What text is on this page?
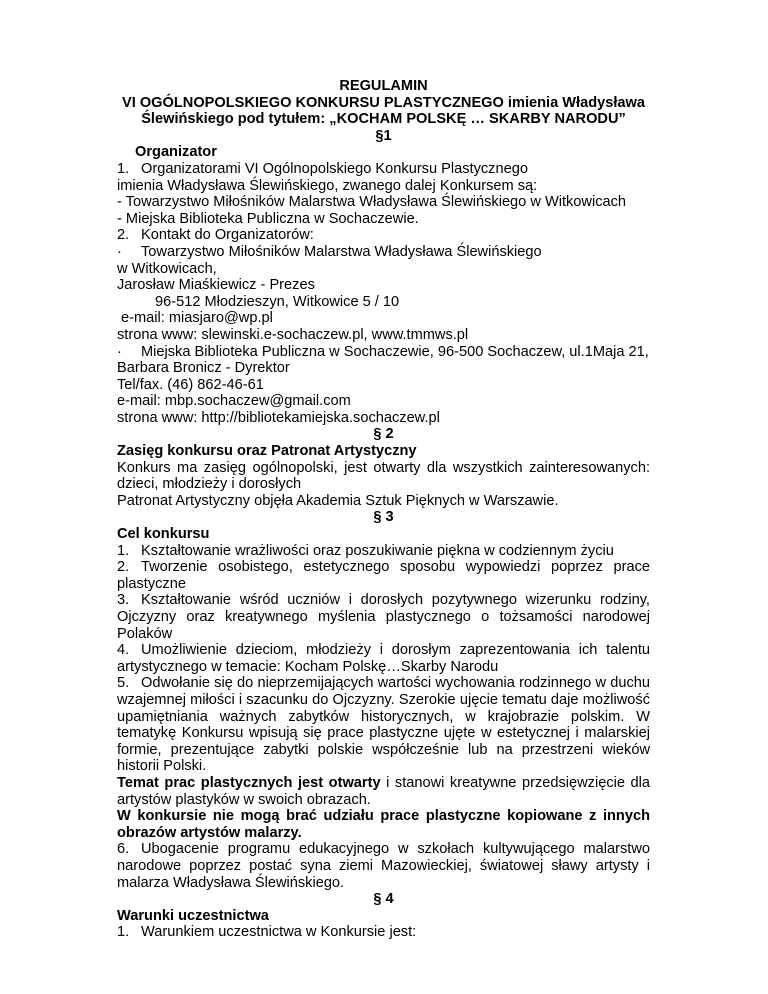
REGULAMIN
VI OGÓLNOPOLSKIEGO KONKURSU PLASTYCZNEGO imienia Władysława
Ślewińskiego pod tytułem: „KOCHAM POLSKĘ … SKARBY NARODU”
§1
Organizator
1. Organizatorami VI Ogólnopolskiego Konkursu Plastycznego
imienia Władysława Ślewińskiego, zwanego dalej Konkursem są:
- Towarzystwo Miłośników Malarstwa Władysława Ślewińskiego w Witkowicach
- Miejska Biblioteka Publiczna w Sochaczewie.
2. Kontakt do Organizatorów:
· Towarzystwo Miłośników Malarstwa Władysława Ślewińskiego
w Witkowicach,
Jarosław Miaśkiewicz - Prezes
96-512 Młodzieszyn, Witkowice 5 / 10
e-mail: miasjaro@wp.pl
strona www: slewinski.e-sochaczew.pl, www.tmmws.pl
· Miejska Biblioteka Publiczna w Sochaczewie, 96-500 Sochaczew, ul.1Maja 21,
Barbara Bronicz - Dyrektor
Tel/fax. (46) 862-46-61
e-mail: mbp.sochaczew@gmail.com
strona www: http://bibliotekamiejska.sochaczew.pl
§ 2
Zasięg konkursu oraz Patronat Artystyczny
Konkurs ma zasięg ogólnopolski, jest otwarty dla wszystkich zainteresowanych: dzieci, młodzieży i dorosłych
Patronat Artystyczny objęła Akademia Sztuk Pięknych w Warszawie.
§ 3
Cel konkursu
1. Kształtowanie wrażliwości oraz poszukiwanie piękna w codziennym życiu
2. Tworzenie osobistego, estetycznego sposobu wypowiedzi poprzez prace plastyczne
3. Kształtowanie wśród uczniów i dorosłych pozytywnego wizerunku rodziny, Ojczyzny oraz kreatywnego myślenia plastycznego o tożsamości narodowej Polaków
4. Umożliwienie dzieciom, młodzieży i dorosłym zaprezentowania ich talentu artystycznego w temacie: Kocham Polskę…Skarby Narodu
5. Odwołanie się do nieprzemijających wartości wychowania rodzinnego w duchu wzajemnej miłości i szacunku do Ojczyzny. Szerokie ujęcie tematu daje możliwość upamiętniania ważnych zabytków historycznych, w krajobrazie polskim. W tematykę Konkursu wpisują się prace plastyczne ujęte w estetycznej i malarskiej formie, prezentujące zabytki polskie współcześnie lub na przestrzeni wieków historii Polski.
Temat prac plastycznych jest otwarty i stanowi kreatywne przedsięwzięcie dla artystów plastyków w swoich obrazach.
W konkursie nie mogą brać udziału prace plastyczne kopiowane z innych obrazów artystów malarzy.
6. Ubogacenie programu edukacyjnego w szkołach kultywującego malarstwo narodowe poprzez postać syna ziemi Mazowieckiej, światowej sławy artysty i malarza Władysława Ślewińskiego.
§ 4
Warunki uczestnictwa
1. Warunkiem uczestnictwa w Konkursie jest:
